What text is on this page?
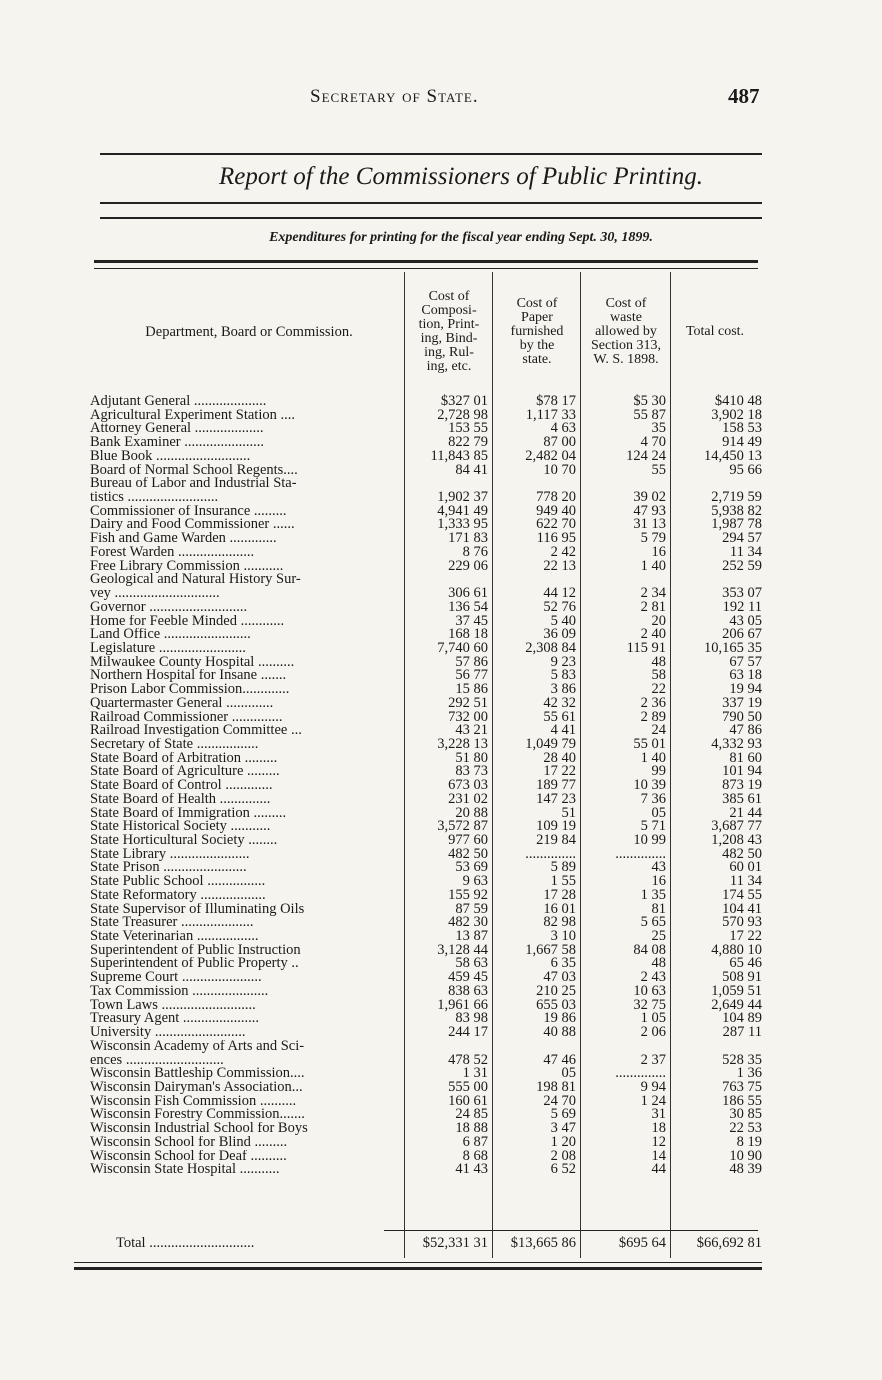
Secretary of State.	487
Report of the Commissioners of Public Printing.
Expenditures for printing for the fiscal year ending Sept. 30, 1899.
Department, Board or Commission.
Cost of
Composi-
tion, Print-
ing, Bind-
ing, Rul-
ing, etc.
Cost of
Paper
furnished
by the
state.
Cost of
waste
allowed by
Section 313,
W. S. 1898.
Total cost.
Adjutant General ....................	$327 01	$78 17	$5 30	$410 48
Agricultural Experiment Station ....	2,728 98	1,117 33	55 87	3,902 18
Attorney General ...................	153 55	4 63	35	158 53
Bank Examiner ......................	822 79	87 00	4 70	914 49
Blue Book ..........................	11,843 85	2,482 04	124 24	14,450 13
Board of Normal School Regents....	84 41	10 70	55	95 66
Bureau of Labor and Industrial Sta-
tistics .........................	1,902 37	778 20	39 02	2,719 59
Commissioner of Insurance .........	4,941 49	949 40	47 93	5,938 82
Dairy and Food Commissioner ......	1,333 95	622 70	31 13	1,987 78
Fish and Game Warden .............	171 83	116 95	5 79	294 57
Forest Warden .....................	8 76	2 42	16	11 34
Free Library Commission ...........	229 06	22 13	1 40	252 59
Geological and Natural History Sur-
vey .............................	306 61	44 12	2 34	353 07
Governor ...........................	136 54	52 76	2 81	192 11
Home for Feeble Minded ............	37 45	5 40	20	43 05
Land Office ........................	168 18	36 09	2 40	206 67
Legislature ........................	7,740 60	2,308 84	115 91	10,165 35
Milwaukee County Hospital ..........	57 86	9 23	48	67 57
Northern Hospital for Insane .......	56 77	5 83	58	63 18
Prison Labor Commission.............	15 86	3 86	22	19 94
Quartermaster General .............	292 51	42 32	2 36	337 19
Railroad Commissioner ..............	732 00	55 61	2 89	790 50
Railroad Investigation Committee ...	43 21	4 41	24	47 86
Secretary of State .................	3,228 13	1,049 79	55 01	4,332 93
State Board of Arbitration .........	51 80	28 40	1 40	81 60
State Board of Agriculture .........	83 73	17 22	99	101 94
State Board of Control .............	673 03	189 77	10 39	873 19
State Board of Health ..............	231 02	147 23	7 36	385 61
State Board of Immigration .........	20 88	51	05	21 44
State Historical Society ...........	3,572 87	109 19	5 71	3,687 77
State Horticultural Society ........	977 60	219 84	10 99	1,208 43
State Library ......................	482 50	..............	..............	482 50
State Prison .......................	53 69	5 89	43	60 01
State Public School ................	9 63	1 55	16	11 34
State Reformatory ..................	155 92	17 28	1 35	174 55
State Supervisor of Illuminating Oils	87 59	16 01	81	104 41
State Treasurer ....................	482 30	82 98	5 65	570 93
State Veterinarian .................	13 87	3 10	25	17 22
Superintendent of Public Instruction	3,128 44	1,667 58	84 08	4,880 10
Superintendent of Public Property ..	58 63	6 35	48	65 46
Supreme Court ......................	459 45	47 03	2 43	508 91
Tax Commission .....................	838 63	210 25	10 63	1,059 51
Town Laws ..........................	1,961 66	655 03	32 75	2,649 44
Treasury Agent .....................	83 98	19 86	1 05	104 89
University .........................	244 17	40 88	2 06	287 11
Wisconsin Academy of Arts and Sci-
ences ...........................	478 52	47 46	2 37	528 35
Wisconsin Battleship Commission....	1 31	05	..............	1 36
Wisconsin Dairyman's Association...	555 00	198 81	9 94	763 75
Wisconsin Fish Commission ..........	160 61	24 70	1 24	186 55
Wisconsin Forestry Commission.......	24 85	5 69	31	30 85
Wisconsin Industrial School for Boys	18 88	3 47	18	22 53
Wisconsin School for Blind .........	6 87	1 20	12	8 19
Wisconsin School for Deaf ..........	8 68	2 08	14	10 90
Wisconsin State Hospital ...........	41 43	6 52	44	48 39
Total .............................	$52,331 31	$13,665 86	$695 64	$66,692 81
